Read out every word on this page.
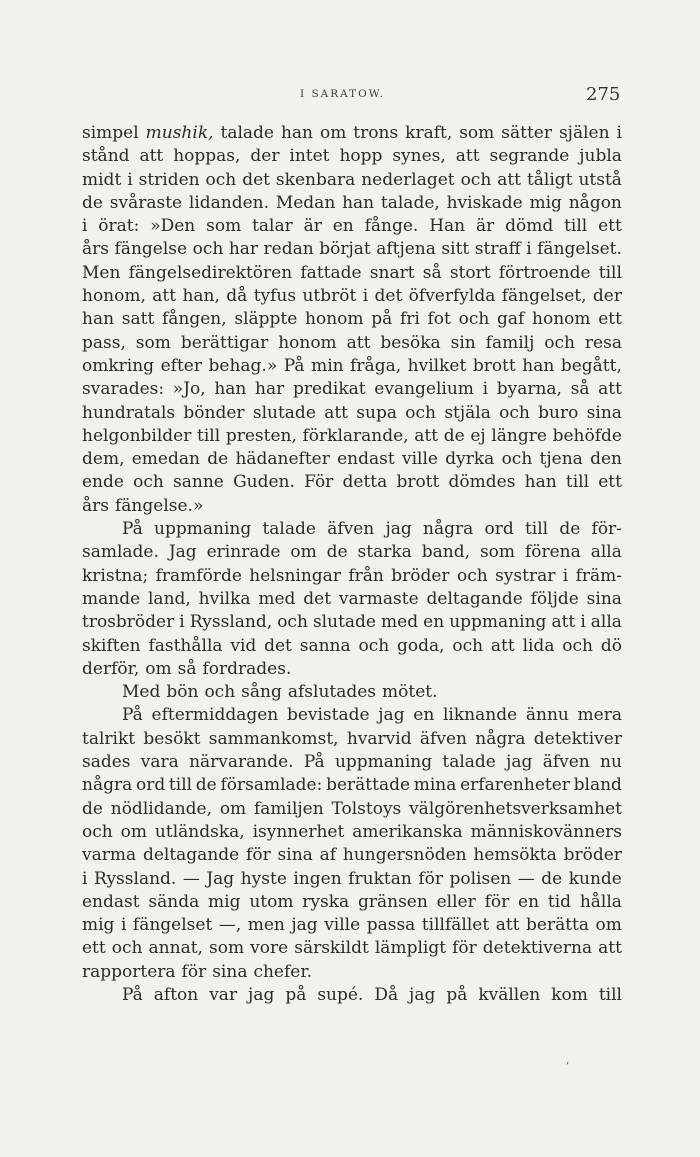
I SARATOW.	275
simpel mushik, talade han om trons kraft, som sätter själen i
stånd att hoppas, der intet hopp synes, att segrande jubla
midt i striden och det skenbara nederlaget och att tåligt utstå
de svåraste lidanden. Medan han talade, hviskade mig någon
i örat: »Den som talar är en fånge. Han är dömd till ett
års fängelse och har redan börjat aftjena sitt straff i fängelset.
Men fängelsedirektören fattade snart så stort förtroende till
honom, att han, då tyfus utbröt i det öfverfylda fängelset, der
han satt fången, släppte honom på fri fot och gaf honom ett
pass, som berättigar honom att besöka sin familj och resa
omkring efter behag.» På min fråga, hvilket brott han begått,
svarades: »Jo, han har predikat evangelium i byarna, så att
hundratals bönder slutade att supa och stjäla och buro sina
helgonbilder till presten, förklarande, att de ej längre behöfde
dem, emedan de hädanefter endast ville dyrka och tjena den
ende och sanne Guden. För detta brott dömdes han till ett
års fängelse.»
På uppmaning talade äfven jag några ord till de för-
samlade. Jag erinrade om de starka band, som förena alla
kristna; framförde helsningar från bröder och systrar i främ-
mande land, hvilka med det varmaste deltagande följde sina
trosbröder i Ryssland, och slutade med en uppmaning att i alla
skiften fasthålla vid det sanna och goda, och att lida och dö
derför, om så fordrades.
Med bön och sång afslutades mötet.
På eftermiddagen bevistade jag en liknande ännu mera
talrikt besökt sammankomst, hvarvid äfven några detektiver
sades vara närvarande. På uppmaning talade jag äfven nu
några ord till de församlade: berättade mina erfarenheter bland
de nödlidande, om familjen Tolstoys välgörenhetsverksamhet
och om utländska, isynnerhet amerikanska människovänners
varma deltagande för sina af hungersnöden hemsökta bröder
i Ryssland. — Jag hyste ingen fruktan för polisen — de kunde
endast sända mig utom ryska gränsen eller för en tid hålla
mig i fängelset —, men jag ville passa tillfället att berätta om
ett och annat, som vore särskildt lämpligt för detektiverna att
rapportera för sina chefer.
På afton var jag på supé. Då jag på kvällen kom till
‚
